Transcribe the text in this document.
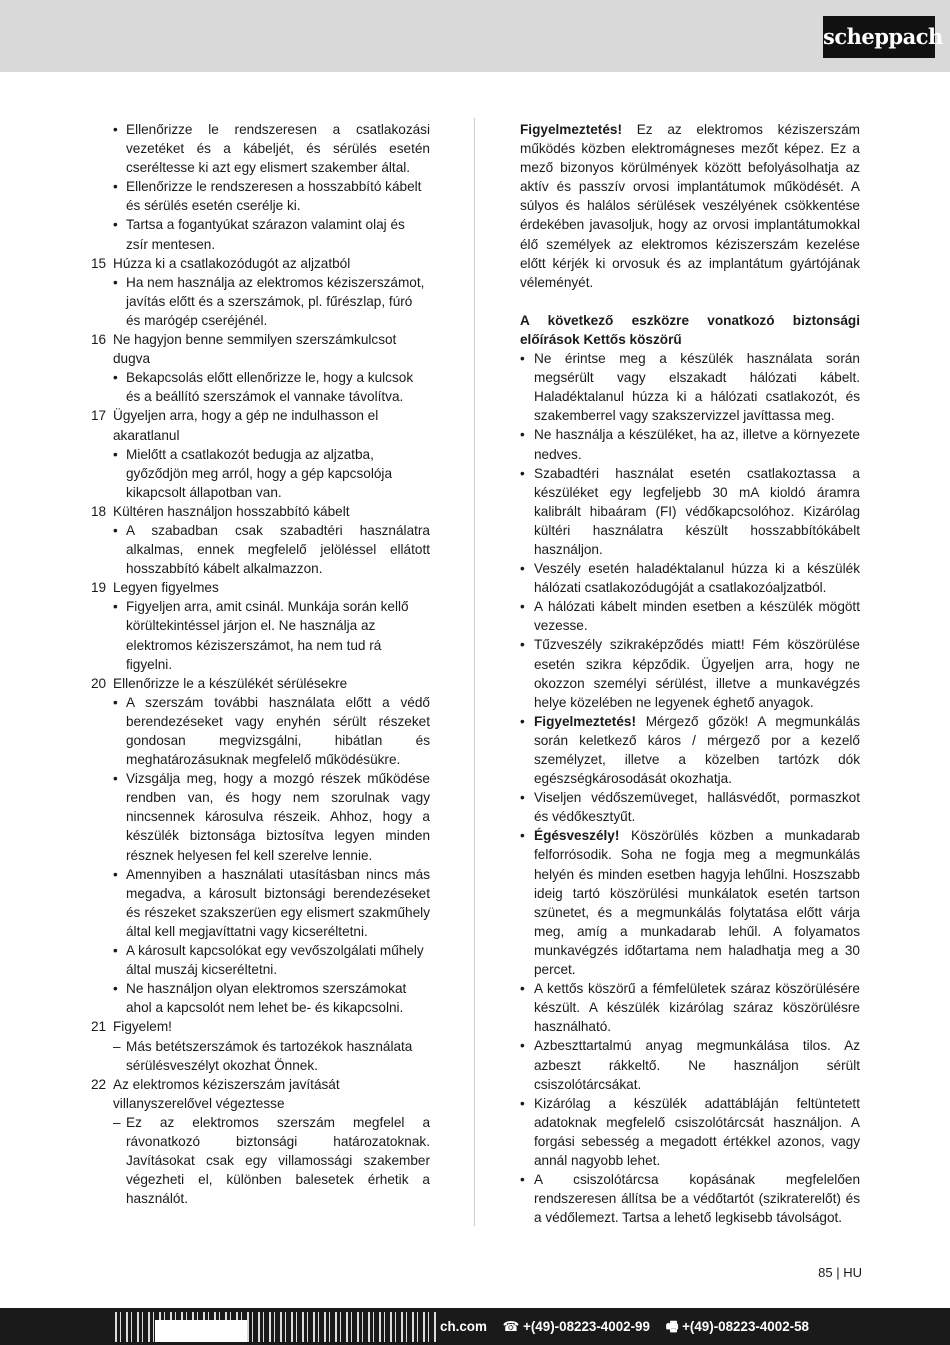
scheppach
• Ellenőrizze le rendszeresen a csatlakozási vezetéket és a kábeljét, és sérülés esetén cseréltesse ki azt egy elismert szakember által.
• Ellenőrizze le rendszeresen a hosszabbító kábelt és sérülés esetén cserélje ki.
• Tartsa a fogantyúkat szárazon valamint olaj és zsír mentesen.
15 Húzza ki a csatlakozódugót az aljzatból
• Ha nem használja az elektromos kéziszerszámot, javítás előtt és a szerszámok, pl. fűrészlap, fúró és marógép cseréjénél.
16 Ne hagyjon benne semmilyen szerszámkulcsot dugva
• Bekapcsolás előtt ellenőrizze le, hogy a kulcsok és a beállító szerszámok el vannake távolítva.
17 Ügyeljen arra, hogy a gép ne indulhasson el akaratlanul
• Mielőtt a csatlakozót bedugja az aljzatba, győződjön meg arról, hogy a gép kapcsolója kikapcsolt állapotban van.
18 Kültéren használjon hosszabbító kábelt
• A szabadban csak szabadtéri használatra alkalmas, ennek megfelelő jelöléssel ellátott hosszabbító kábelt alkalmazzon.
19 Legyen figyelmes
• Figyeljen arra, amit csinál. Munkája során kellő körültekintéssel járjon el. Ne használja az elektromos kéziszerszámot, ha nem tud rá figyelni.
20 Ellenőrizze le a készülékét sérülésekre
• A szerszám további használata előtt a védő berendezéseket vagy enyhén sérült részeket gondosan megvizsgálni, hibátlan és meghatározásuknak megfelelő működésükre.
• Vizsgálja meg, hogy a mozgó részek működése rendben van, és hogy nem szorulnak vagy nincsennek károsulva részeik. Ahhoz, hogy a készülék biztonsága biztosítva legyen minden résznek helyesen fel kell szerelve lennie.
• Amennyiben a használati utasításban nincs más megadva, a károsult biztonsági berendezéseket és részeket szakszerüen egy elismert szakműhely által kell megjavíttatni vagy kicseréltetni.
• A károsult kapcsolókat egy vevőszolgálati műhely által muszáj kicseréltetni.
• Ne használjon olyan elektromos szerszámokat ahol a kapcsolót nem lehet be- és kikapcsolni.
21 Figyelem!
– Más betétszerszámok és tartozékok használata sérülésveszélyt okozhat Önnek.
22 Az elektromos kéziszerszám javítását villanyszerelővel végeztesse
– Ez az elektromos szerszám megfelel a rávonatkozó biztonsági határozatoknak. Javításokat csak egy villamossági szakember végezheti el, különben balesetek érhetik a használót.

Figyelmeztetés! Ez az elektromos kéziszerszám működés közben elektromágneses mezőt képez. Ez a mező bizonyos körülmények között befolyásolhatja az aktív és passzív orvosi implantátumok működését. A súlyos és halálos sérülések veszélyének csökkentése érdekében javasoljuk, hogy az orvosi implantátumokkal élő személyek az elektromos kéziszerszám kezelése előtt kérjék ki orvosuk és az implantátum gyártójának véleményét.

A következő eszközre vonatkozó biztonsági előírások Kettős köszörű

• Ne érintse meg a készülék használata során megsérült vagy elszakadt hálózati kábelt. Haladéktalanul húzza ki a hálózati csatlakozót, és szakemberrel vagy szakszervizzel javíttassa meg.
• Ne használja a készüléket, ha az, illetve a környezete nedves.
• Szabadtéri használat esetén csatlakoztassa a készüléket egy legfeljebb 30 mA kioldó áramra kalibrált hibaáram (FI) védőkapcsolóhoz. Kizárólag kültéri használatra készült hosszabbítókábelt használjon.
• Veszély esetén haladéktalanul húzza ki a készülék hálózati csatlakozódugóját a csatlakozóaljzatból.
• A hálózati kábelt minden esetben a készülék mögött vezesse.
• Tűzveszély szikraképződés miatt! Fém köszörülése esetén szikra képződik. Ügyeljen arra, hogy ne okozzon személyi sérülést, illetve a munkavégzés helye közelében ne legyenek éghető anyagok.
• Figyelmeztetés! Mérgező gőzök! A megmunkálás során keletkező káros / mérgező por a kezelő személyzet, illetve a közelben tartózk dók egészségkárosodását okozhatja.
• Viseljen védőszemüveget, hallásvédőt, pormaszkot és védőkesztyűt.
• Égésveszély! Köszörülés közben a munkadarab felforrósodik. Soha ne fogja meg a megmunkálás helyén és minden esetben hagyja lehűlni. Hoszszabb ideig tartó köszörülési munkálatok esetén tartson szünetet, és a megmunkálás folytatása előtt várja meg, amíg a munkadarab lehűl. A folyamatos munkavégzés időtartama nem haladhatja meg a 30 percet.
• A kettős köszörű a fémfelületek száraz köszörülésére készült. A készülék kizárólag száraz köszörülésre használható.
• Azbeszttartalmú anyag megmunkálása tilos. Az azbeszt rákkeltő. Ne használjon sérült csiszolótárcsákat.
• Kizárólag a készülék adattábláján feltüntetett adatoknak megfelelő csiszolótárcsát használjon. A forgási sebesség a megadott értékkel azonos, vagy annál nagyobb lehet.
• A csiszolótárcsa kopásának megfelelően rendszeresen állítsa be a védőtartót (szikraterelőt) és a védőlemezt. Tartsa a lehető legkisebb távolságot.
85 | HU
ch.com ☎ +(49)-08223-4002-99 🖷 +(49)-08223-4002-58
